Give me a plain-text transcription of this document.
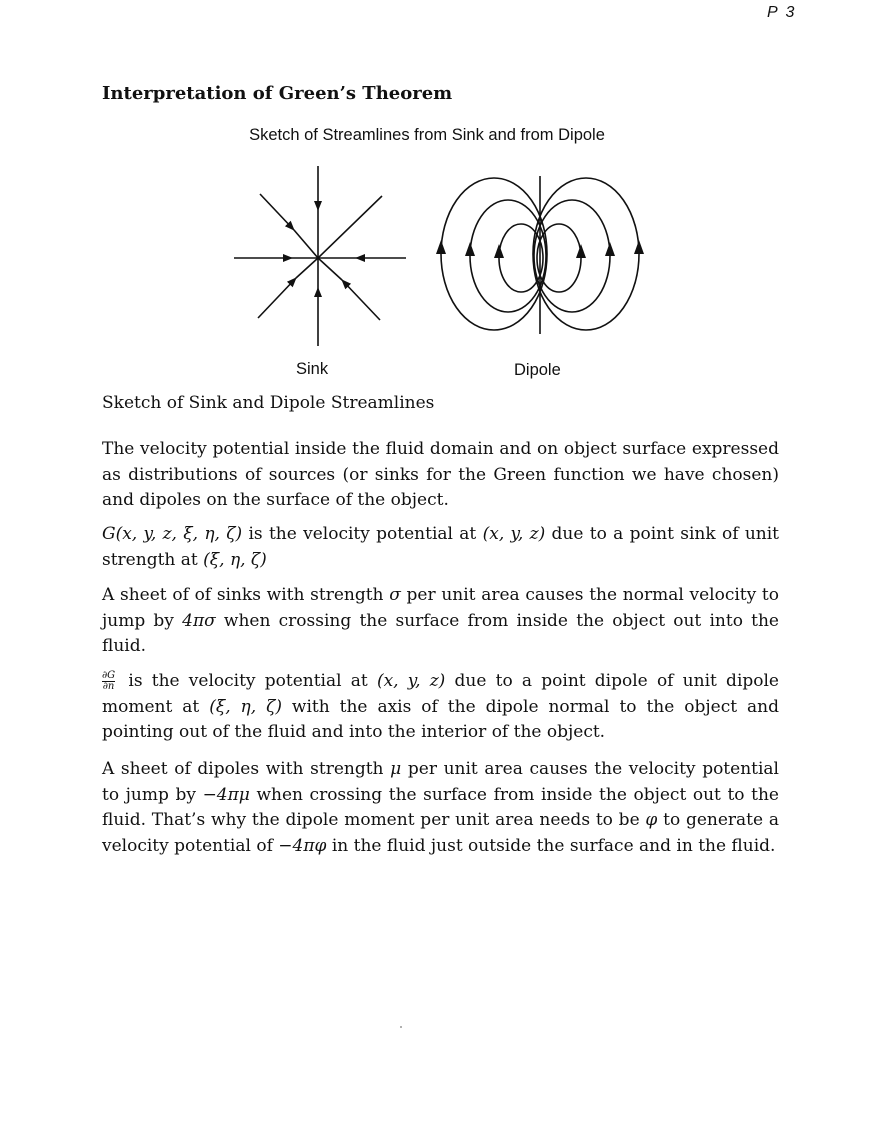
P 3
Interpretation of Green’s Theorem
Sketch of Streamlines from Sink and from Dipole
Sink	Dipole
Sketch of Sink and Dipole Streamlines

The velocity potential inside the fluid domain and on object surface expressed as distributions of sources (or sinks for the Green function we have chosen) and dipoles on the surface of the object.

G(x, y, z, ξ, η, ζ) is the velocity potential at (x, y, z) due to a point sink of unit strength at (ξ, η, ζ)

A sheet of of sinks with strength σ per unit area causes the normal velocity to jump by 4πσ when crossing the surface from inside the object out into the fluid.

$\frac{\partial G}{\partial n}$ is the velocity potential at (x, y, z) due to a point dipole of unit dipole moment at (ξ, η, ζ) with the axis of the dipole normal to the object and pointing out of the fluid and into the interior of the object.

A sheet of dipoles with strength μ per unit area causes the velocity potential to jump by −4πμ when crossing the surface from inside the object out to the fluid. That’s why the dipole moment per unit area needs to be φ to generate a velocity potential of −4πφ in the fluid just outside the surface and in the fluid.
